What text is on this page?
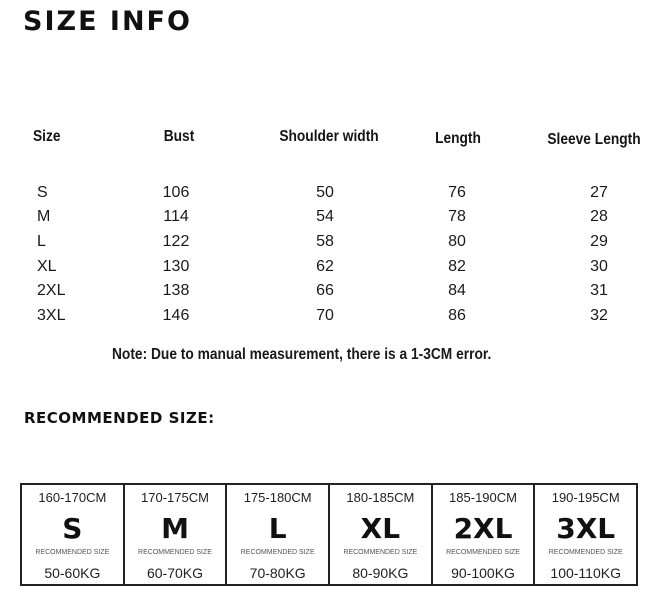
SIZE INFO
Size	Bust	Shoulder width	Length	Sleeve Length
S	106	50	76	27
M	114	54	78	28
L	122	58	80	29
XL	130	62	82	30
2XL	138	66	84	31
3XL	146	70	86	32
Note: Due to manual measurement, there is a 1-3CM error.
RECOMMENDED SIZE:
160-170CM
S
RECOMMENDED SIZE
50-60KG
170-175CM
M
RECOMMENDED SIZE
60-70KG
175-180CM
L
RECOMMENDED SIZE
70-80KG
180-185CM
XL
RECOMMENDED SIZE
80-90KG
185-190CM
2XL
RECOMMENDED SIZE
90-100KG
190-195CM
3XL
RECOMMENDED SIZE
100-110KG
